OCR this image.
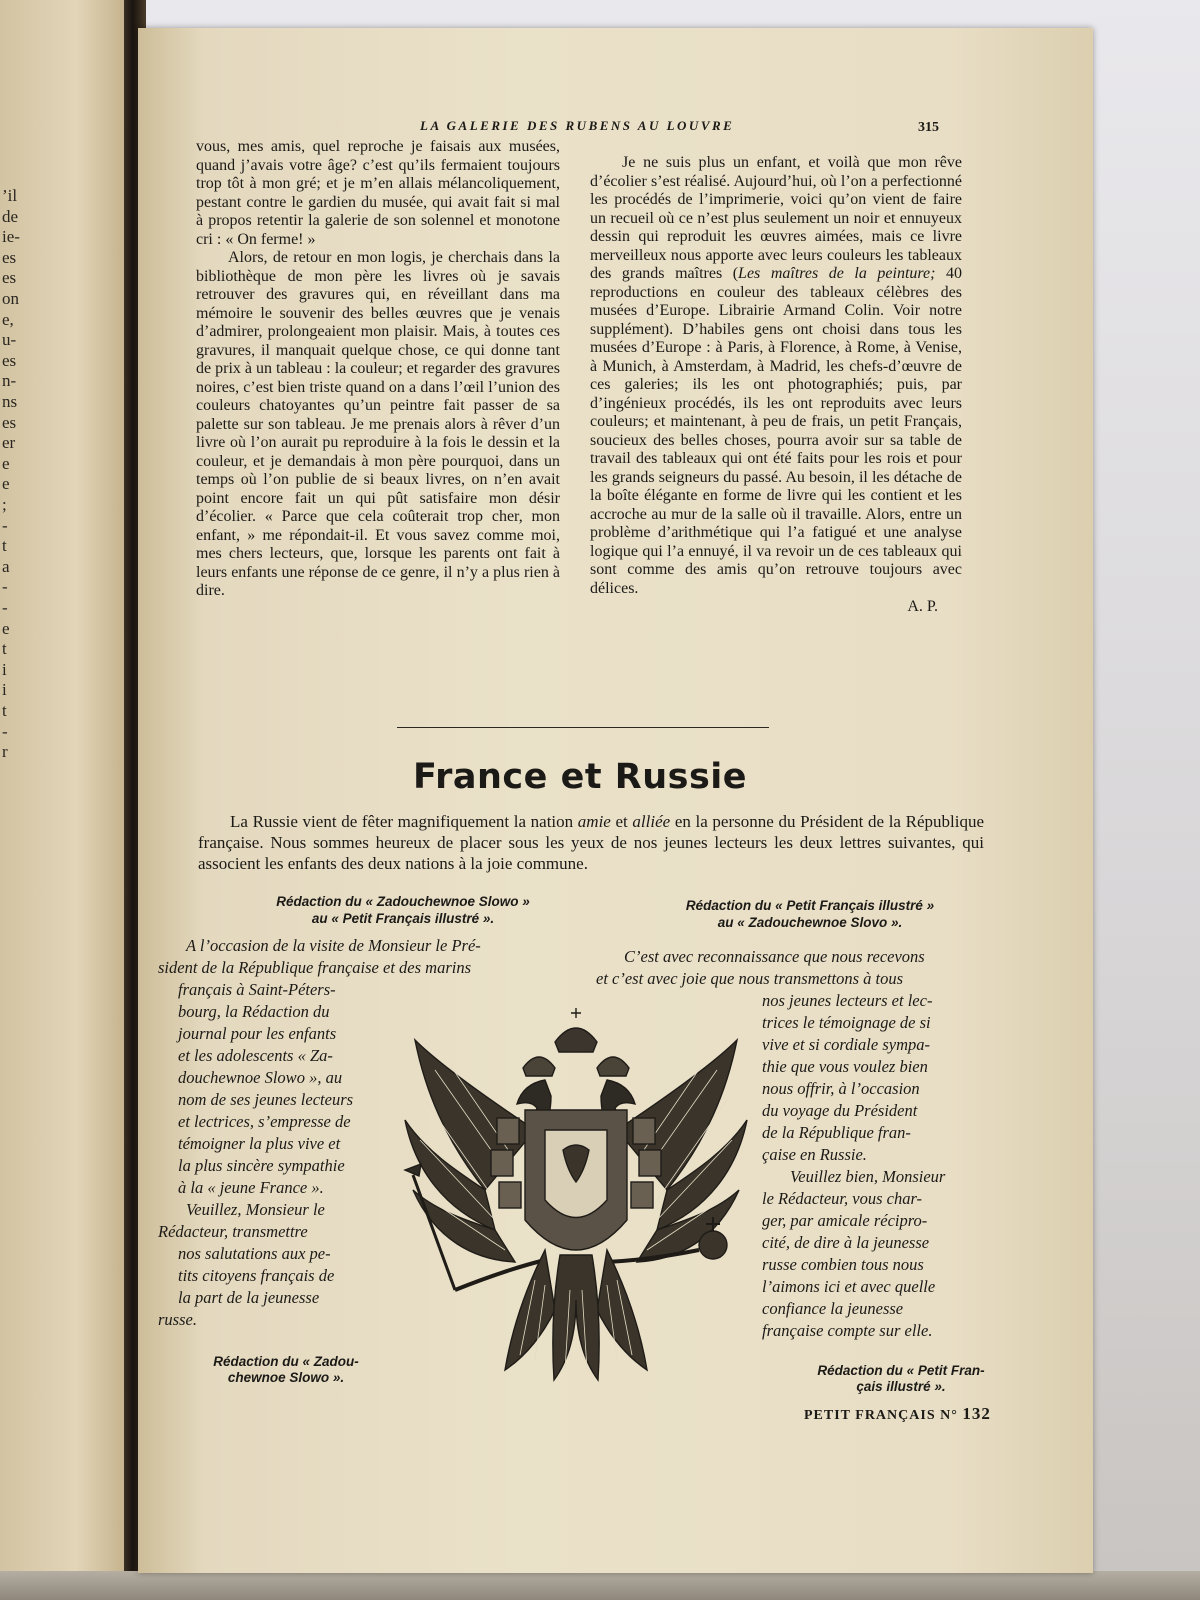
’il
de
ie-
es
es
on
e,
u-
es
n-
ns
es
er
e
e
;
-
t
a
-
-
e
t
i
i
t
-
r
LA GALERIE DES RUBENS AU LOUVRE	315

vous, mes amis, quel reproche je faisais aux musées, quand j’avais votre âge? c’est qu’ils fermaient toujours trop tôt à mon gré; et je m’en allais mélancoliquement, pestant contre le gardien du musée, qui avait fait si mal à propos retentir la galerie de son solennel et monotone cri : « On ferme! »

Alors, de retour en mon logis, je cherchais dans la bibliothèque de mon père les livres où je savais retrouver des gravures qui, en réveillant dans ma mémoire le souvenir des belles œuvres que je venais d’admirer, prolongeaient mon plaisir. Mais, à toutes ces gravures, il manquait quelque chose, ce qui donne tant de prix à un tableau : la couleur; et regarder des gravures noires, c’est bien triste quand on a dans l’œil l’union des couleurs chatoyantes qu’un peintre fait passer de sa palette sur son tableau. Je me prenais alors à rêver d’un livre où l’on aurait pu reproduire à la fois le dessin et la couleur, et je demandais à mon père pourquoi, dans un temps où l’on publie de si beaux livres, on n’en avait point encore fait un qui pût satisfaire mon désir d’écolier. « Parce que cela coûterait trop cher, mon enfant, » me répondait-il. Et vous savez comme moi, mes chers lecteurs, que, lorsque les parents ont fait à leurs enfants une réponse de ce genre, il n’y a plus rien à dire.

Je ne suis plus un enfant, et voilà que mon rêve d’écolier s’est réalisé. Aujourd’hui, où l’on a perfectionné les procédés de l’imprimerie, voici qu’on vient de faire un recueil où ce n’est plus seulement un noir et ennuyeux dessin qui reproduit les œuvres aimées, mais ce livre merveilleux nous apporte avec leurs couleurs les tableaux des grands maîtres (Les maîtres de la peinture; 40 reproductions en couleur des tableaux célèbres des musées d’Europe. Librairie Armand Colin. Voir notre supplément). D’habiles gens ont choisi dans tous les musées d’Europe : à Paris, à Florence, à Rome, à Venise, à Munich, à Amsterdam, à Madrid, les chefs-d’œuvre de ces galeries; ils les ont photographiés; puis, par d’ingénieux procédés, ils les ont reproduits avec leurs couleurs; et maintenant, à peu de frais, un petit Français, soucieux des belles choses, pourra avoir sur sa table de travail des tableaux qui ont été faits pour les rois et pour les grands seigneurs du passé. Au besoin, il les détache de la boîte élégante en forme de livre qui les contient et les accroche au mur de la salle où il travaille. Alors, entre un problème d’arithmétique qui l’a fatigué et une analyse logique qui l’a ennuyé, il va revoir un de ces tableaux qui sont comme des amis qu’on retrouve toujours avec délices.

A. P.
France et Russie
La Russie vient de fêter magnifiquement la nation amie et alliée en la personne du Président de la République française. Nous sommes heureux de placer sous les yeux de nos jeunes lecteurs les deux lettres suivantes, qui associent les enfants des deux nations à la joie commune.
Rédaction du « Zadouchewnoe Slowo »
au « Petit Français illustré ».
Rédaction du « Petit Français illustré »
au « Zadouchewnoe Slovo ».
A l’occasion de la visite de Monsieur le Pré-
sident de la République française et des marins
français à Saint-Péters-
bourg, la Rédaction du
journal pour les enfants
et les adolescents « Za-
douchewnoe Slowo », au
nom de ses jeunes lecteurs
et lectrices, s’empresse de
témoigner la plus vive et
la plus sincère sympathie
à la « jeune France ».
Veuillez, Monsieur le
Rédacteur, transmettre
nos salutations aux pe-
tits citoyens français de
la part de la jeunesse
russe.
C’est avec reconnaissance que nous recevons
et c’est avec joie que nous transmettons à tous
nos jeunes lecteurs et lec-
trices le témoignage de si
vive et si cordiale sympa-
thie que vous voulez bien
nous offrir, à l’occasion
du voyage du Président
de la République fran-
çaise en Russie.
Veuillez bien, Monsieur
le Rédacteur, vous char-
ger, par amicale récipro-
cité, de dire à la jeunesse
russe combien tous nous
l’aimons ici et avec quelle
confiance la jeunesse
française compte sur elle.
Rédaction du « Zadou-
chewnoe Slowo ».	Rédaction du « Petit Fran-
çais illustré ».
PETIT FRANÇAIS N° 132
